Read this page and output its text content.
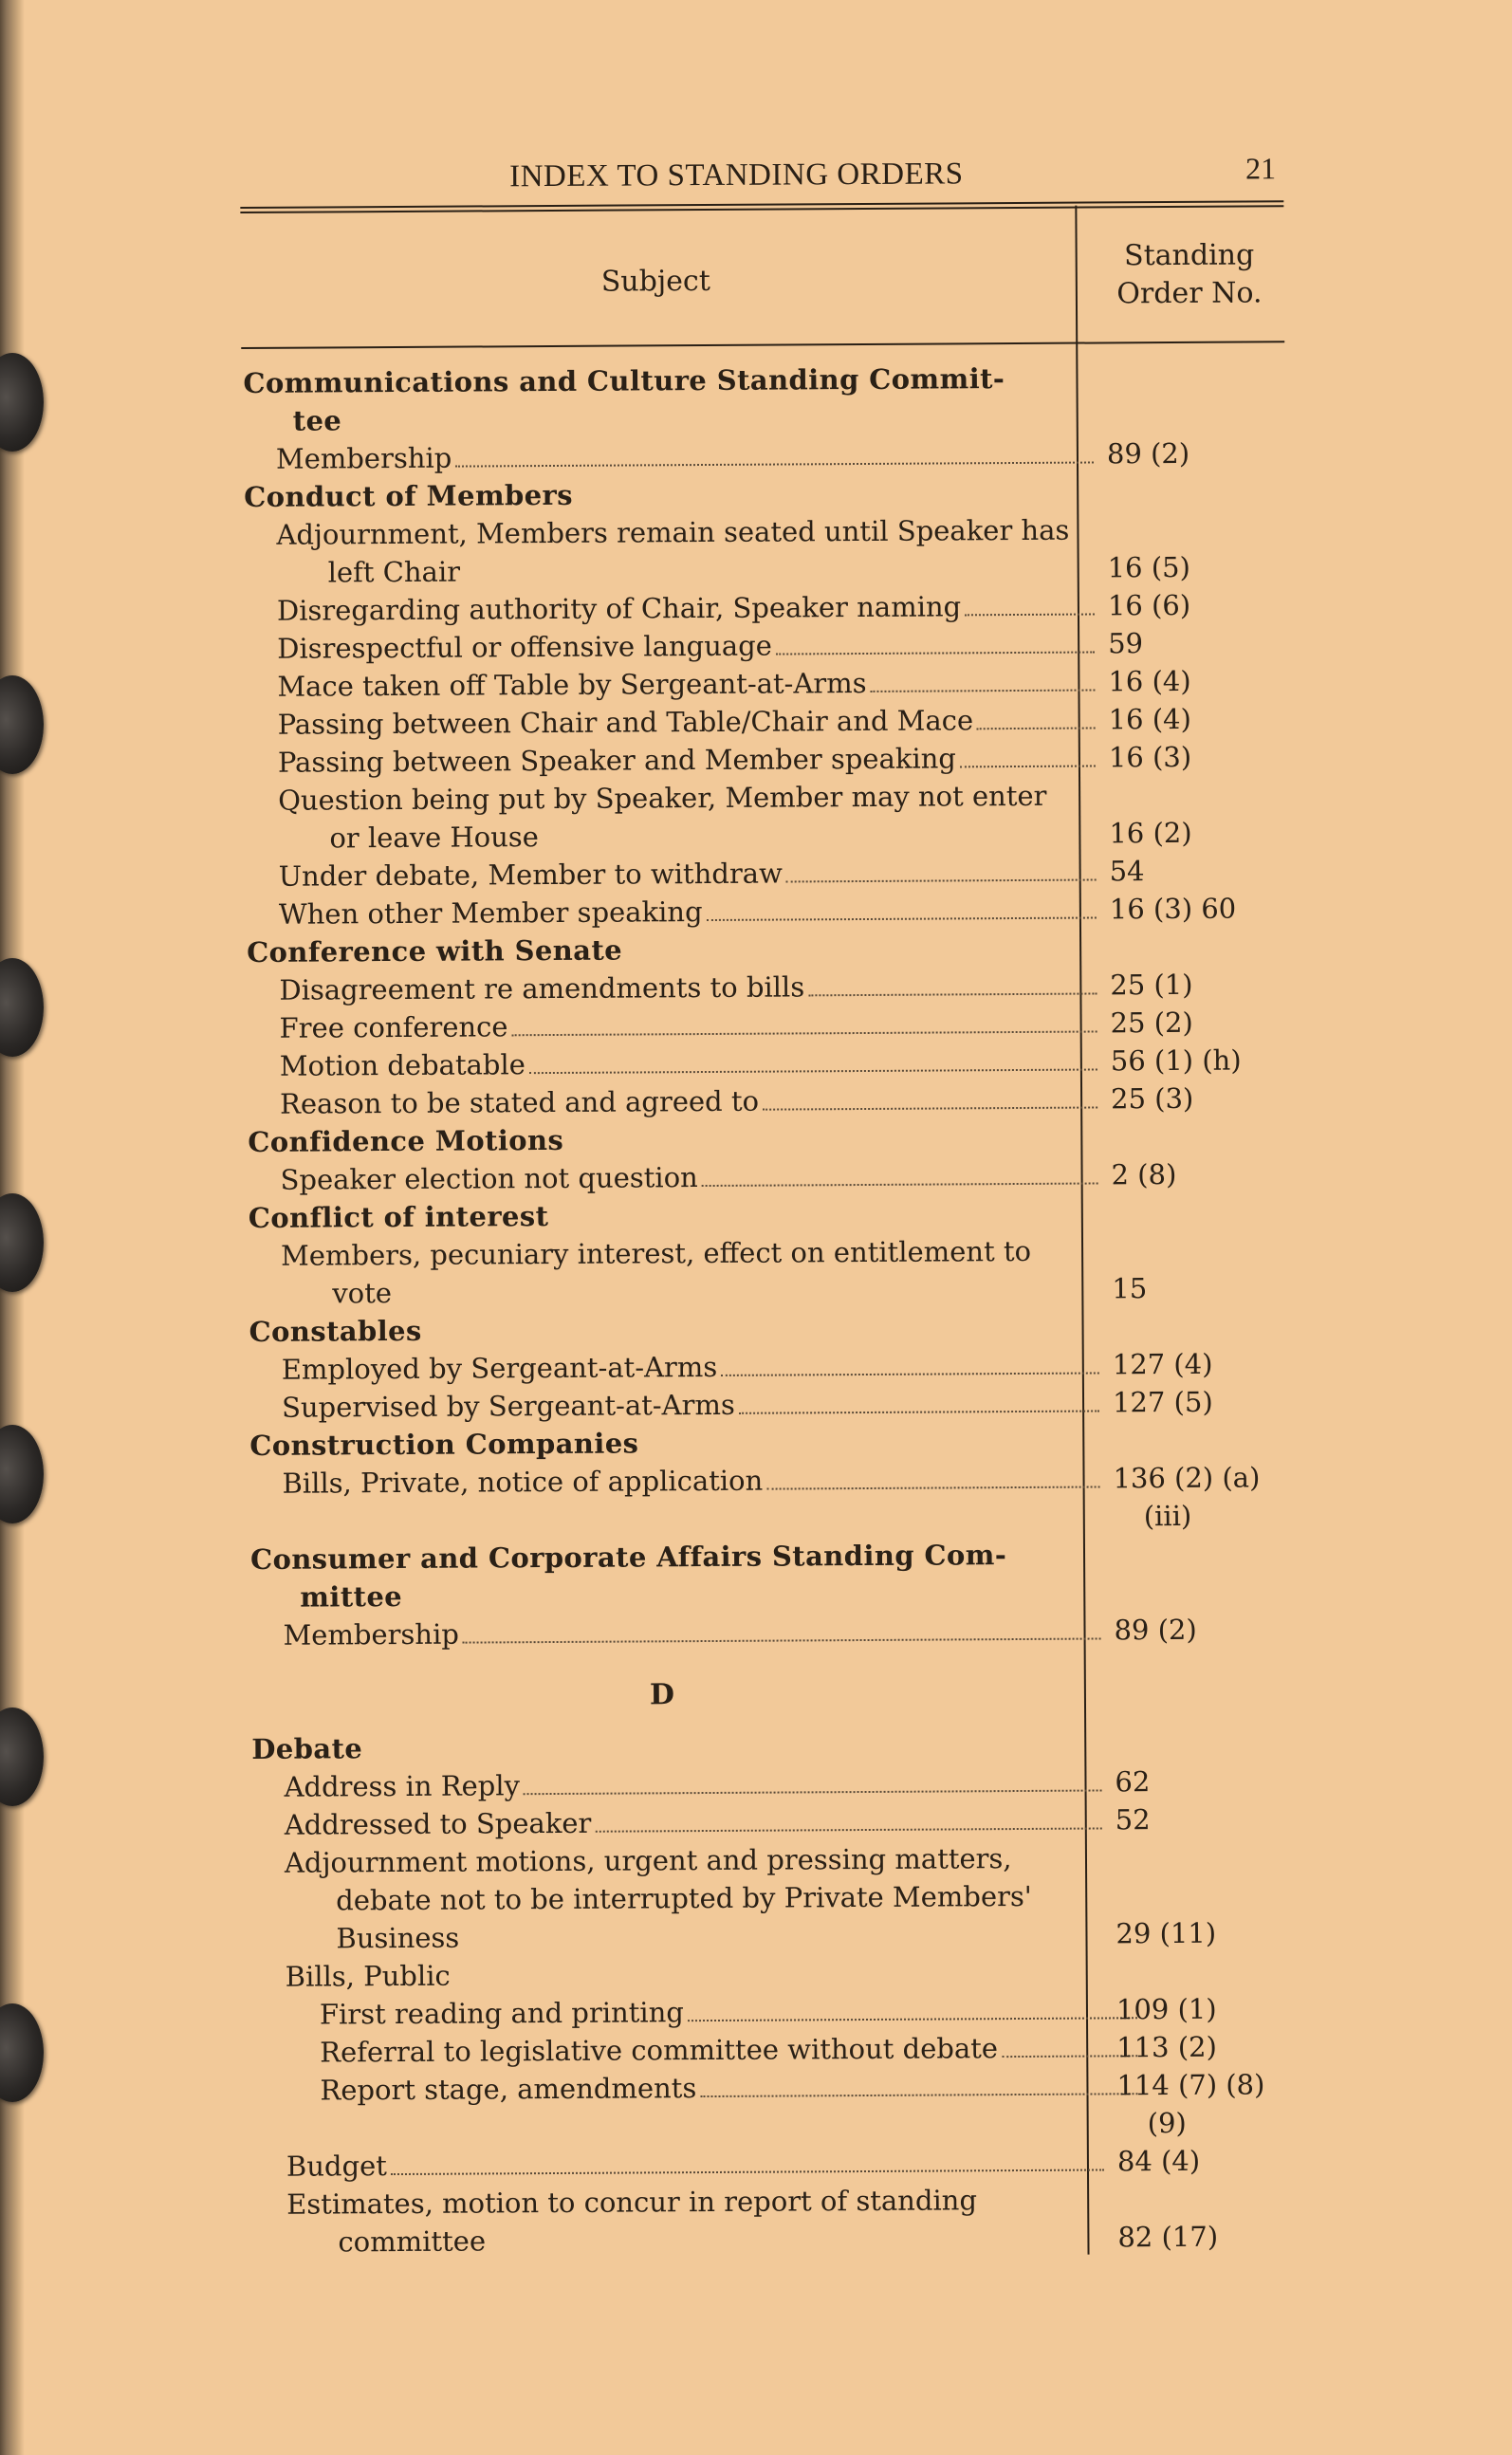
INDEX TO STANDING ORDERS	21
Subject
Standing
Order No.
Communications and Culture Standing Commit-
tee
Membership	89 (2)
Conduct of Members
Adjournment, Members remain seated until Speaker has
left Chair	16 (5)
Disregarding authority of Chair, Speaker naming	16 (6)
Disrespectful or offensive language	59
Mace taken off Table by Sergeant-at-Arms	16 (4)
Passing between Chair and Table/Chair and Mace	16 (4)
Passing between Speaker and Member speaking	16 (3)
Question being put by Speaker, Member may not enter
or leave House	16 (2)
Under debate, Member to withdraw	54
When other Member speaking	16 (3) 60
Conference with Senate
Disagreement re amendments to bills	25 (1)
Free conference	25 (2)
Motion debatable	56 (1) (h)
Reason to be stated and agreed to	25 (3)
Confidence Motions
Speaker election not question	2 (8)
Conflict of interest
Members, pecuniary interest, effect on entitlement to
vote	15
Constables
Employed by Sergeant-at-Arms	127 (4)
Supervised by Sergeant-at-Arms	127 (5)
Construction Companies
Bills, Private, notice of application	136 (2) (a)
(iii)
Consumer and Corporate Affairs Standing Com-
mittee
Membership	89 (2)
D
Debate
Address in Reply	62
Addressed to Speaker	52
Adjournment motions, urgent and pressing matters,
debate not to be interrupted by Private Members'
Business	29 (11)
Bills, Public
First reading and printing	109 (1)
Referral to legislative committee without debate	113 (2)
Report stage, amendments	114 (7) (8)
(9)
Budget	84 (4)
Estimates, motion to concur in report of standing
committee	82 (17)
